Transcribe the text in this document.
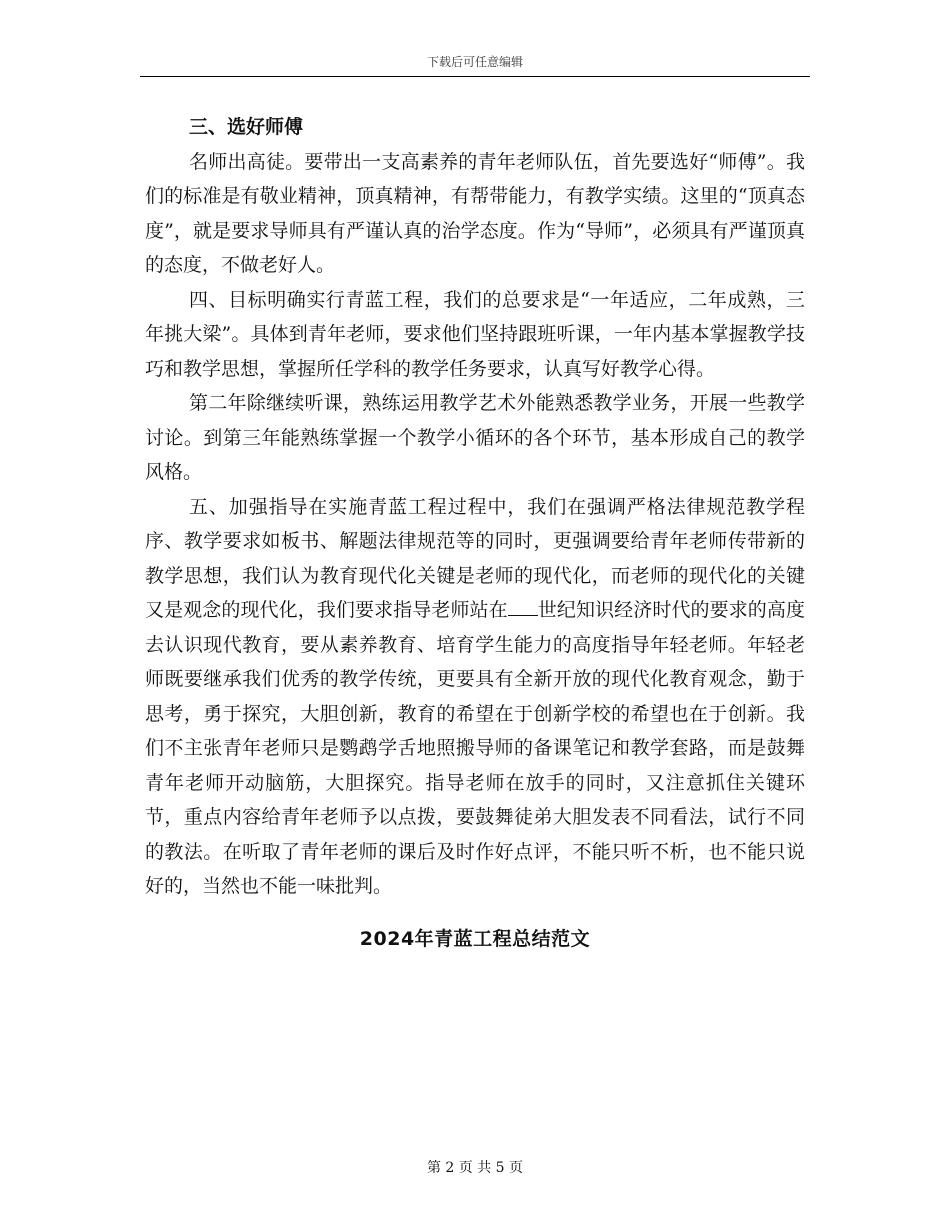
下载后可任意编辑

三、选好师傅

名师出高徒。要带出一支高素养的青年老师队伍，首先要选好“师傅”。我们的标准是有敬业精神，顶真精神，有帮带能力，有教学实绩。这里的“顶真态度”，就是要求导师具有严谨认真的治学态度。作为“导师”，必须具有严谨顶真的态度，不做老好人。

四、目标明确实行青蓝工程，我们的总要求是“一年适应，二年成熟，三年挑大梁”。具体到青年老师，要求他们坚持跟班听课，一年内基本掌握教学技巧和教学思想，掌握所任学科的教学任务要求，认真写好教学心得。

第二年除继续听课，熟练运用教学艺术外能熟悉教学业务，开展一些教学讨论。到第三年能熟练掌握一个教学小循环的各个环节，基本形成自己的教学风格。

五、加强指导在实施青蓝工程过程中，我们在强调严格法律规范教学程序、教学要求如板书、解题法律规范等的同时，更强调要给青年老师传带新的教学思想，我们认为教育现代化关键是老师的现代化，而老师的现代化的关键又是观念的现代化，我们要求指导老师站在 世纪知识经济时代的要求的高度去认识现代教育，要从素养教育、培育学生能力的高度指导年轻老师。年轻老师既要继承我们优秀的教学传统，更要具有全新开放的现代化教育观念，勤于思考，勇于探究，大胆创新，教育的希望在于创新学校的希望也在于创新。我们不主张青年老师只是鹦鹉学舌地照搬导师的备课笔记和教学套路，而是鼓舞青年老师开动脑筋，大胆探究。指导老师在放手的同时，又注意抓住关键环节，重点内容给青年老师予以点拨，要鼓舞徒弟大胆发表不同看法，试行不同的教法。在听取了青年老师的课后及时作好点评，不能只听不析，也不能只说好的，当然也不能一味批判。

2024年青蓝工程总结范文

第 2 页 共 5 页
